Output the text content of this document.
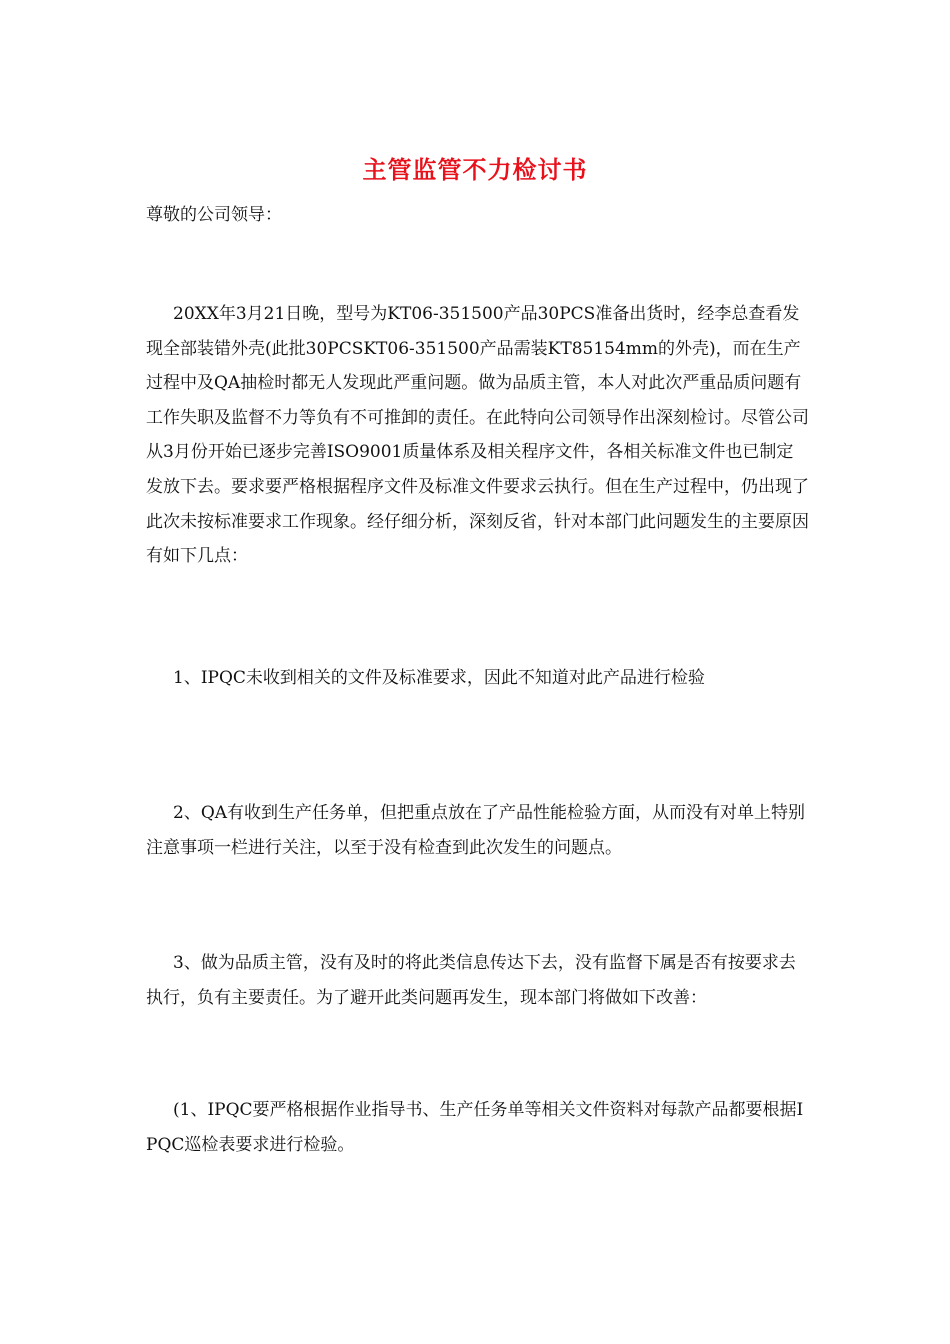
主管监管不力检讨书

尊敬的公司领导：

20XX年3月21日晚，型号为KT06-351500产品30PCS准备出货时，经李总查看发现全部装错外壳(此批30PCSKT06-351500产品需装KT85154mm的外壳)，而在生产过程中及QA抽检时都无人发现此严重问题。做为品质主管，本人对此次严重品质问题有工作失职及监督不力等负有不可推卸的责任。在此特向公司领导作出深刻检讨。尽管公司从3月份开始已逐步完善ISO9001质量体系及相关程序文件，各相关标准文件也已制定发放下去。要求要严格根据程序文件及标准文件要求云执行。但在生产过程中，仍出现了此次未按标准要求工作现象。经仔细分析，深刻反省，针对本部门此问题发生的主要原因有如下几点：

1、IPQC未收到相关的文件及标准要求，因此不知道对此产品进行检验

2、QA有收到生产任务单，但把重点放在了产品性能检验方面，从而没有对单上特别注意事项一栏进行关注，以至于没有检查到此次发生的问题点。

3、做为品质主管，没有及时的将此类信息传达下去，没有监督下属是否有按要求去执行，负有主要责任。为了避开此类问题再发生，现本部门将做如下改善：

(1、IPQC要严格根据作业指导书、生产任务单等相关文件资料对每款产品都要根据IPQC巡检表要求进行检验。
